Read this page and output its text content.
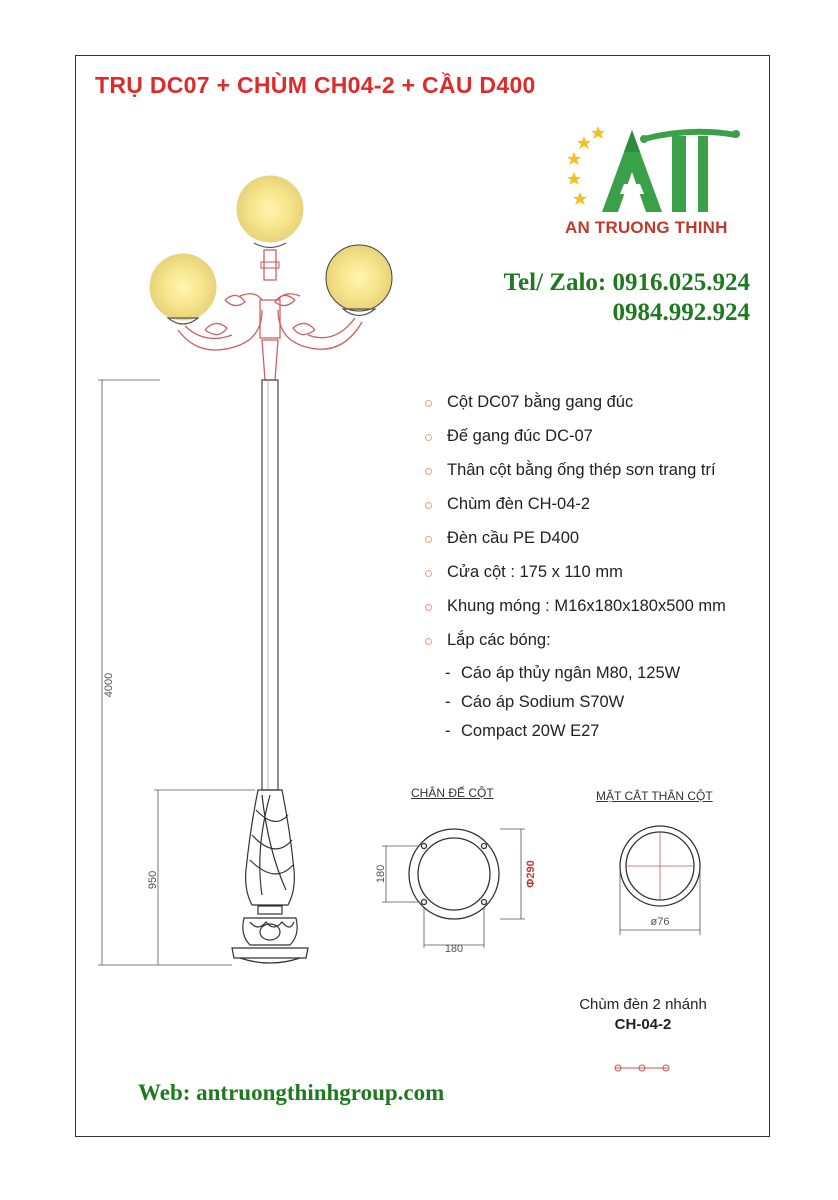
TRỤ DC07 + CHÙM CH04-2 + CẦU D400
AN TRUONG THINH
Tel/ Zalo: 0916.025.924
0984.992.924
Cột DC07 bằng gang đúc
Đế gang đúc DC-07
Thân cột bằng ống thép sơn trang trí
Chùm đèn CH-04-2
Đèn cầu PE D400
Cửa cột : 175 x 110 mm
Khung móng : M16x180x180x500 mm
Lắp các bóng:
- Cáo áp thủy ngân M80, 125W
- Cáo áp Sodium S70W
- Compact 20W E27
4000
950	180
180
Φ290
ø76
CHÂN ĐẾ CỘT	MẶT CẮT THÂN CỘT
Chùm đèn 2 nhánh
CH-04-2
Web: antruongthinhgroup.com
